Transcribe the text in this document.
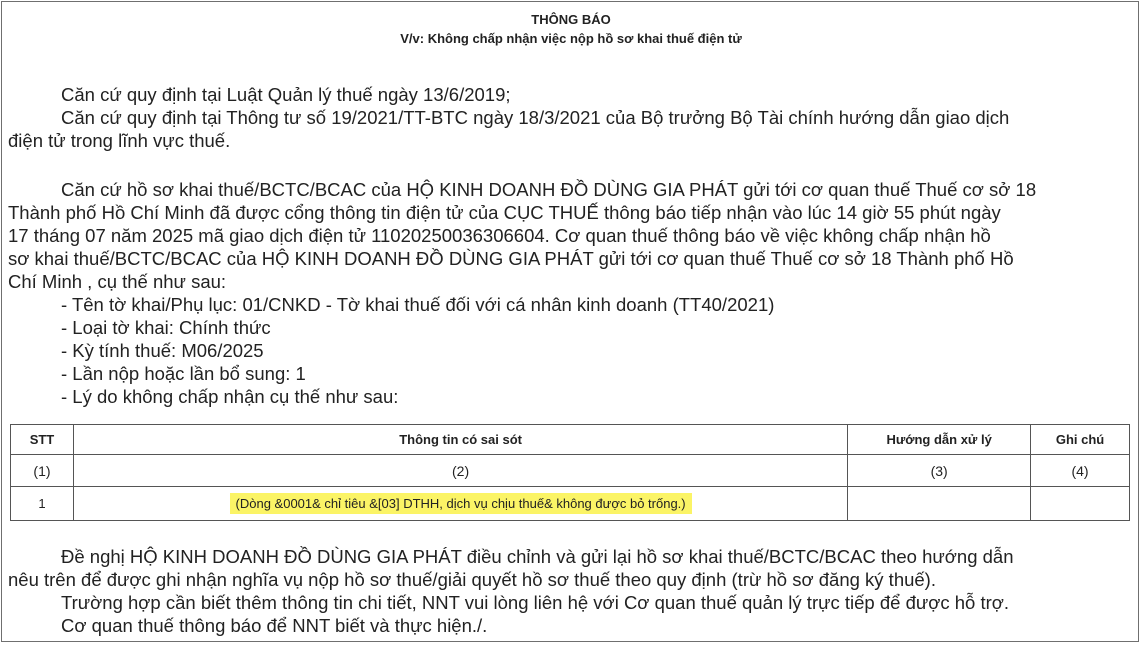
THÔNG BÁO
V/v: Không chấp nhận việc nộp hồ sơ khai thuế điện tử

Căn cứ quy định tại Luật Quản lý thuế ngày 13/6/2019;

Căn cứ quy định tại Thông tư số 19/2021/TT-BTC ngày 18/3/2021 của Bộ trưởng Bộ Tài chính hướng dẫn giao dịch

điện tử trong lĩnh vực thuế.

Căn cứ hồ sơ khai thuế/BCTC/BCAC của HỘ KINH DOANH ĐỒ DÙNG GIA PHÁT gửi tới cơ quan thuế Thuế cơ sở 18

Thành phố Hồ Chí Minh đã được cổng thông tin điện tử của CỤC THUẾ thông báo tiếp nhận vào lúc 14 giờ 55 phút ngày

17 tháng 07 năm 2025 mã giao dịch điện tử 11020250036306604. Cơ quan thuế thông báo về việc không chấp nhận hồ

sơ khai thuế/BCTC/BCAC của HỘ KINH DOANH ĐỒ DÙNG GIA PHÁT gửi tới cơ quan thuế Thuế cơ sở 18 Thành phố Hồ

Chí Minh , cụ thế như sau:

- Tên tờ khai/Phụ lục: 01/CNKD - Tờ khai thuế đối với cá nhân kinh doanh (TT40/2021)
- Loại tờ khai: Chính thức
- Kỳ tính thuế: M06/2025
- Lần nộp hoặc lần bổ sung: 1
- Lý do không chấp nhận cụ thế như sau:
STT	Thông tin có sai sót	Hướng dẫn xử lý	Ghi chú
(1)	(2)	(3)	(4)
1	(Dòng &0001& chỉ tiêu &[03] DTHH, dịch vụ chịu thuế& không được bỏ trống.)		

Đề nghị HỘ KINH DOANH ĐỒ DÙNG GIA PHÁT điều chỉnh và gửi lại hồ sơ khai thuế/BCTC/BCAC theo hướng dẫn

nêu trên để được ghi nhận nghĩa vụ nộp hồ sơ thuế/giải quyết hồ sơ thuế theo quy định (trừ hồ sơ đăng ký thuế).

Trường hợp cần biết thêm thông tin chi tiết, NNT vui lòng liên hệ với Cơ quan thuế quản lý trực tiếp để được hỗ trợ.

Cơ quan thuế thông báo để NNT biết và thực hiện./.
